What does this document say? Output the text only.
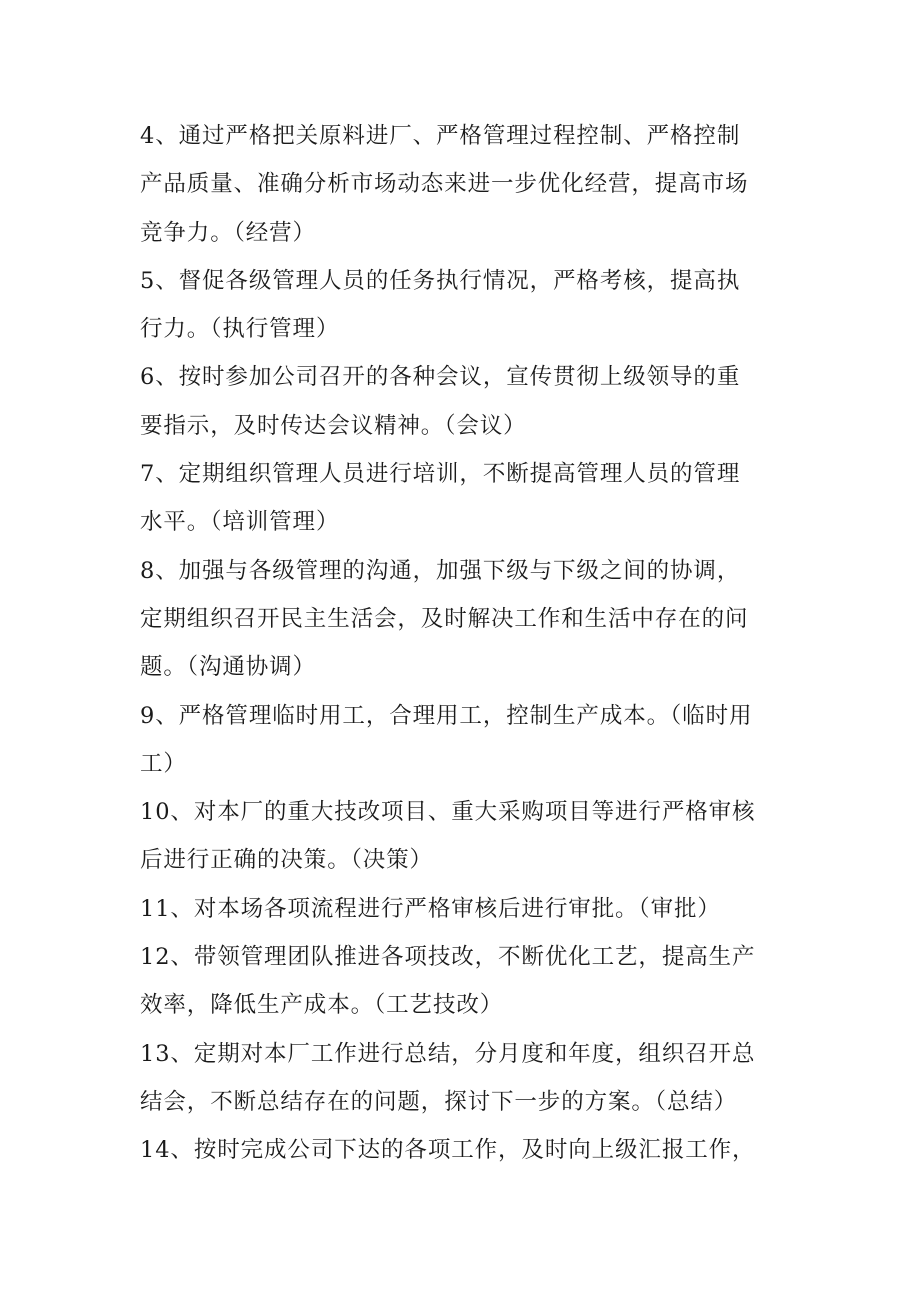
4、通过严格把关原料进厂、严格管理过程控制、严格控制
产品质量、准确分析市场动态来进一步优化经营，提高市场
竞争力。（经营）
5、督促各级管理人员的任务执行情况，严格考核，提高执
行力。（执行管理）
6、按时参加公司召开的各种会议，宣传贯彻上级领导的重
要指示，及时传达会议精神。（会议）
7、定期组织管理人员进行培训，不断提高管理人员的管理
水平。（培训管理）
8、加强与各级管理的沟通，加强下级与下级之间的协调，
定期组织召开民主生活会，及时解决工作和生活中存在的问
题。（沟通协调）
9、严格管理临时用工，合理用工，控制生产成本。（临时用
工）
10、对本厂的重大技改项目、重大采购项目等进行严格审核
后进行正确的决策。（决策）
11、对本场各项流程进行严格审核后进行审批。（审批）
12、带领管理团队推进各项技改，不断优化工艺，提高生产
效率，降低生产成本。（工艺技改）
13、定期对本厂工作进行总结，分月度和年度，组织召开总
结会，不断总结存在的问题，探讨下一步的方案。（总结）
14、按时完成公司下达的各项工作，及时向上级汇报工作，
